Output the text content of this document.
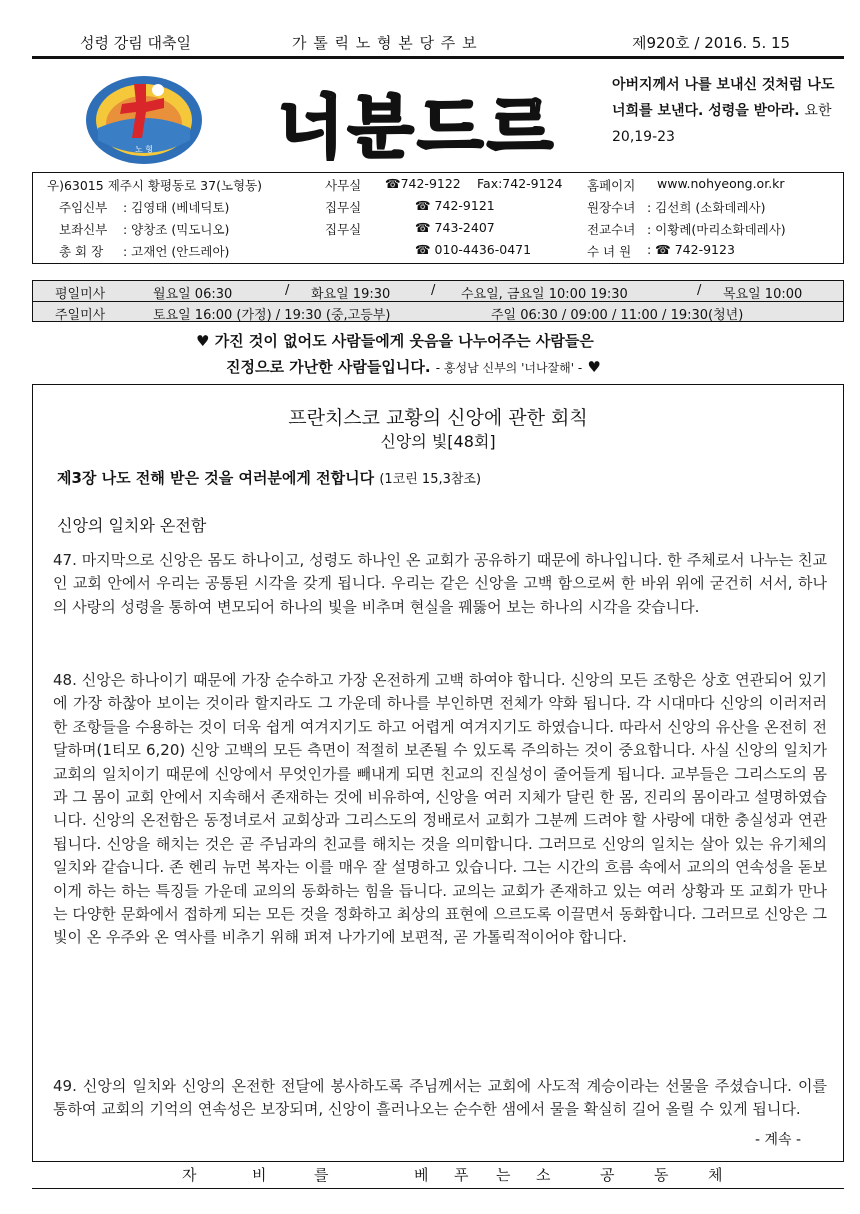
성령 강림 대축일	가 톨 릭 노 형 본 당 주 보	제920호 / 2016. 5. 15
노 형 너분드르
아버지께서 나를 보내신 것처럼 나도 너희를 보낸다. 성령을 받아라. 요한 20,19-23
우)63015 제주시 황평동로 37(노형동)	사무실 ☎742-9122 Fax:742-9124 홈페이지 www.nohyeong.or.kr
주임신부 : 김영태 (베네딕토)	집무실	☎ 742-9121	원장수녀 : 김선희 (소화데레사)
보좌신부 : 양창조 (믹도니오)	집무실	☎ 743-2407	전교수녀 : 이황례(마리소화데레사)
총 회 장 : 고재언 (안드레아)	☎ 010-4436-0471	수 녀 원 : ☎ 742-9123
평일미사	월요일 06:30	/ 화요일 19:30	/ 수요일, 금요일 10:00 19:30	/ 목요일 10:00
주일미사	토요일 16:00 (가정) / 19:30 (중,고등부)	주일 06:30 / 09:00 / 11:00 / 19:30(청년)
♥ 가진 것이 없어도 사람들에게 웃음을 나누어주는 사람들은
진정으로 가난한 사람들입니다. - 홍성남 신부의 '너나잘해' - ♥
프란치스코 교황의 신앙에 관한 회칙
신앙의 빛[48회]
제3장 나도 전해 받은 것을 여러분에게 전합니다 (1코린 15,3참조)
신앙의 일치와 온전함

47. 마지막으로 신앙은 몸도 하나이고, 성령도 하나인 온 교회가 공유하기 때문에 하나입니다. 한 주체로서 나누는 친교인 교회 안에서 우리는 공통된 시각을 갖게 됩니다. 우리는 같은 신앙을 고백 함으로써 한 바위 위에 굳건히 서서, 하나의 사랑의 성령을 통하여 변모되어 하나의 빛을 비추며 현실을 꿰뚫어 보는 하나의 시각을 갖습니다.

48. 신앙은 하나이기 때문에 가장 순수하고 가장 온전하게 고백 하여야 합니다. 신앙의 모든 조항은 상호 연관되어 있기에 가장 하찮아 보이는 것이라 할지라도 그 가운데 하나를 부인하면 전체가 약화 됩니다. 각 시대마다 신앙의 이러저러한 조항들을 수용하는 것이 더욱 쉽게 여겨지기도 하고 어렵게 여겨지기도 하였습니다. 따라서 신앙의 유산을 온전히 전달하며(1티모 6,20) 신앙 고백의 모든 측면이 적절히 보존될 수 있도록 주의하는 것이 중요합니다. 사실 신앙의 일치가 교회의 일치이기 때문에 신앙에서 무엇인가를 빼내게 되면 친교의 진실성이 줄어들게 됩니다. 교부들은 그리스도의 몸과 그 몸이 교회 안에서 지속해서 존재하는 것에 비유하여, 신앙을 여러 지체가 달린 한 몸, 진리의 몸이라고 설명하였습니다. 신앙의 온전함은 동정녀로서 교회상과 그리스도의 정배로서 교회가 그분께 드려야 할 사랑에 대한 충실성과 연관됩니다. 신앙을 해치는 것은 곧 주님과의 친교를 해치는 것을 의미합니다. 그러므로 신앙의 일치는 살아 있는 유기체의 일치와 같습니다. 존 헨리 뉴먼 복자는 이를 매우 잘 설명하고 있습니다. 그는 시간의 흐름 속에서 교의의 연속성을 돋보이게 하는 하는 특징들 가운데 교의의 동화하는 힘을 듭니다. 교의는 교회가 존재하고 있는 여러 상황과 또 교회가 만나는 다양한 문화에서 접하게 되는 모든 것을 정화하고 최상의 표현에 으르도록 이끌면서 동화합니다. 그러므로 신앙은 그 빛이 온 우주와 온 역사를 비추기 위해 퍼져 나가기에 보편적, 곧 가톨릭적이어야 합니다.

49. 신앙의 일치와 신앙의 온전한 전달에 봉사하도록 주님께서는 교회에 사도적 계승이라는 선물을 주셨습니다. 이를 통하여 교회의 기억의 연속성은 보장되며, 신앙이 흘러나오는 순수한 샘에서 물을 확실히 길어 올릴 수 있게 됩니다.

- 계속 -
자	비	를	베 푸 는 소	공	동	체
